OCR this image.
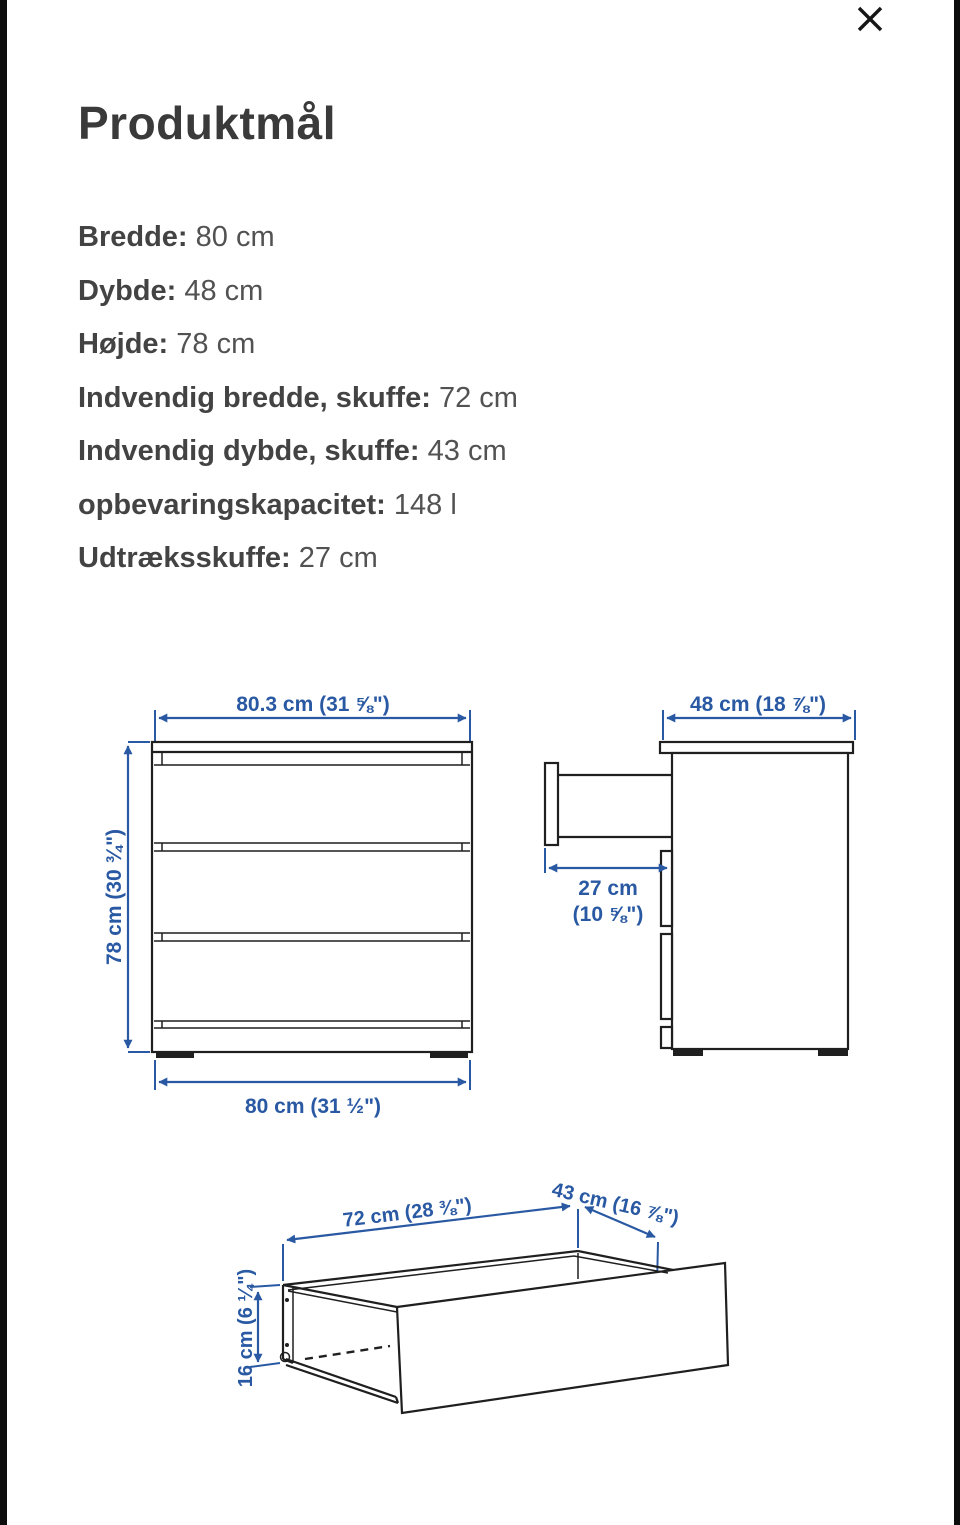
Produktmål
Bredde: 80 cm
Dybde: 48 cm
Højde: 78 cm
Indvendig bredde, skuffe: 72 cm
Indvendig dybde, skuffe: 43 cm
opbevaringskapacitet: 148 l
Udtræksskuffe: 27 cm
80.3 cm (31 ⅝")
78 cm (30 ¾")
80 cm (31 ½")
48 cm (18 ⅞")
27 cm
(10 ⅝")
72 cm (28 ⅜")	43 cm (16 ⅞")
16 cm (6 ¼")
